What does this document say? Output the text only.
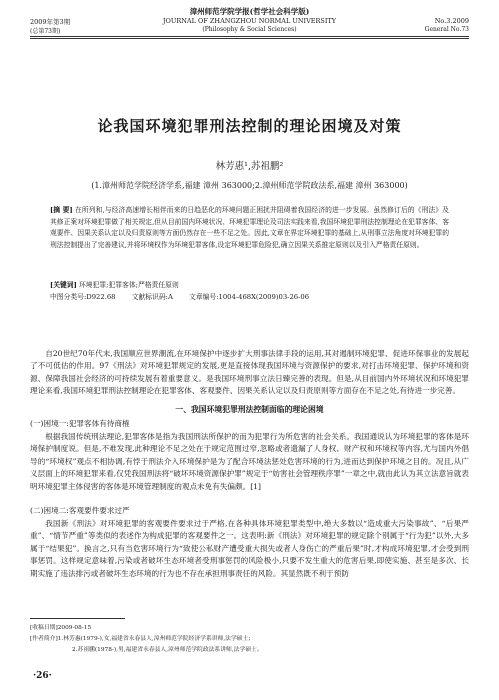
漳州师范学院学报(哲学社会科学版)
2009年第3期	JOURNAL OF ZHANGZHOU NORMAL UNIVERSITY	No.3.2009
(总第73期)	(Philosophy & Social Sciences)	General No.73
论我国环境犯罪刑法控制的理论困境及对策
林芳惠¹,苏祖鹏²
(1.漳州师范学院经济学系,福建 漳州 363000;2.漳州师范学院政法系,福建 漳州 363000)
[摘 要] 在所列和,与经济高速增长相伴而来的日趋恶化的环境问题正困扰并阻碍着我国经济的进一步发展。虽然修订后的《刑法》及其修正案对环境犯罪做了相关规定,但从目前国内环境状况、环境犯罪理论及司法实践来看,我国环境犯罪刑法控制理论在犯罪客体、客观要件、因果关系认定以及归责原则等方面仍然存在一些不足之处。因此,文章在界定环境犯罪的基础上,从刑事立法角度对环境犯罪的刑法控制提出了完善建议,并将环境权作为环境犯罪客体,设定环境犯罪危险犯,确立因果关系推定原则以及引入严格责任原则。
[关键词] 环境犯罪;犯罪客体;严格责任原则
中图分类号:D922.68 文献标识码:A 文章编号:1004-468X(2009)03-26-06
自20世纪70年代末,我国顺应世界潮流,在环境保护中逐步扩大刑事法律手段的运用,其对遏制环境犯罪、促进环保事业的发展起了不可低估的作用。97《刑法》对环境犯罪规定的发展,更是直接体现我国环境与资源保护的要求,对打击环境犯罪、保护环境和资源、保障我国社会经济的可持续发展有着重要意义。是我国环境刑事立法日臻完善的表现。但是,从目前国内外环境状况和环境犯罪理论来看,我国环境犯罪刑法控制理论在犯罪客体、客观要件、因果关系认定以及归责原则等方面存在不足之处,有待进一步完善。
一、我国环境犯罪刑法控制面临的理论困境
(一)困境一:犯罪客体有待商榷
根据我国传统刑法理论,犯罪客体是指为我国刑法所保护的而为犯罪行为所危害的社会关系。我国通说认为环境犯罪的客体是环境保护制度说。但是,不难发现,此种理论不足之处在于规定范围过窄,忽略或者遗漏了人身权、财产权和环境权等内容,尤与国内外倡导的“环境权”观点不相协调,有悖于刑法介入环境保护是为了配合环境法惩处危害环境的行为,进而达到保护环境之目的。况且,从广义层面上的环境犯罪来看,仅凭我国刑法将“破坏环境资源保护罪”规定于“妨害社会管理秩序罪”一章之中,就由此认为其立法意旨就表明环境犯罪主体侵害的客体是环境管理制度的观点未免有失偏颇。[1]
(二)困境二:客观要件要求过严
我国新《刑法》对环境犯罪的客观要件要求过于严格,在各种具体环境犯罪类型中,绝大多数以“造成重大污染事故”、“后果严重”、“情节严重”等类似的表述作为构成犯罪的客观要件之一。这表明:新《刑法》对环境犯罪的规定除个别属于“行为犯”以外,大多属于“结果犯”。换言之,只有当危害环境行为“致使公私财产遭受重大损失或者人身伤亡的严重后果”时,才构成环境犯罪,才会受到刑事惩罚。这样规定意味着,污染或者破坏生态环境者受刑事惩罚的风险极小,只要不发生重大的危害后果,即使实施、甚至是多次、长期实施了违法排污或者破坏生态环境的行为也不存在承担刑事责任的风险。其显然既不利于预防
[收稿日期]2009-08-15
[作者简介]1.林芳惠(1979-),女,福建省永春县人,漳州师范学院经济学系讲师,法学硕士;
2.苏祖鹏(1978-),男,福建省永春县人,漳州师范学院政法系讲师,法学硕士。
·26·
